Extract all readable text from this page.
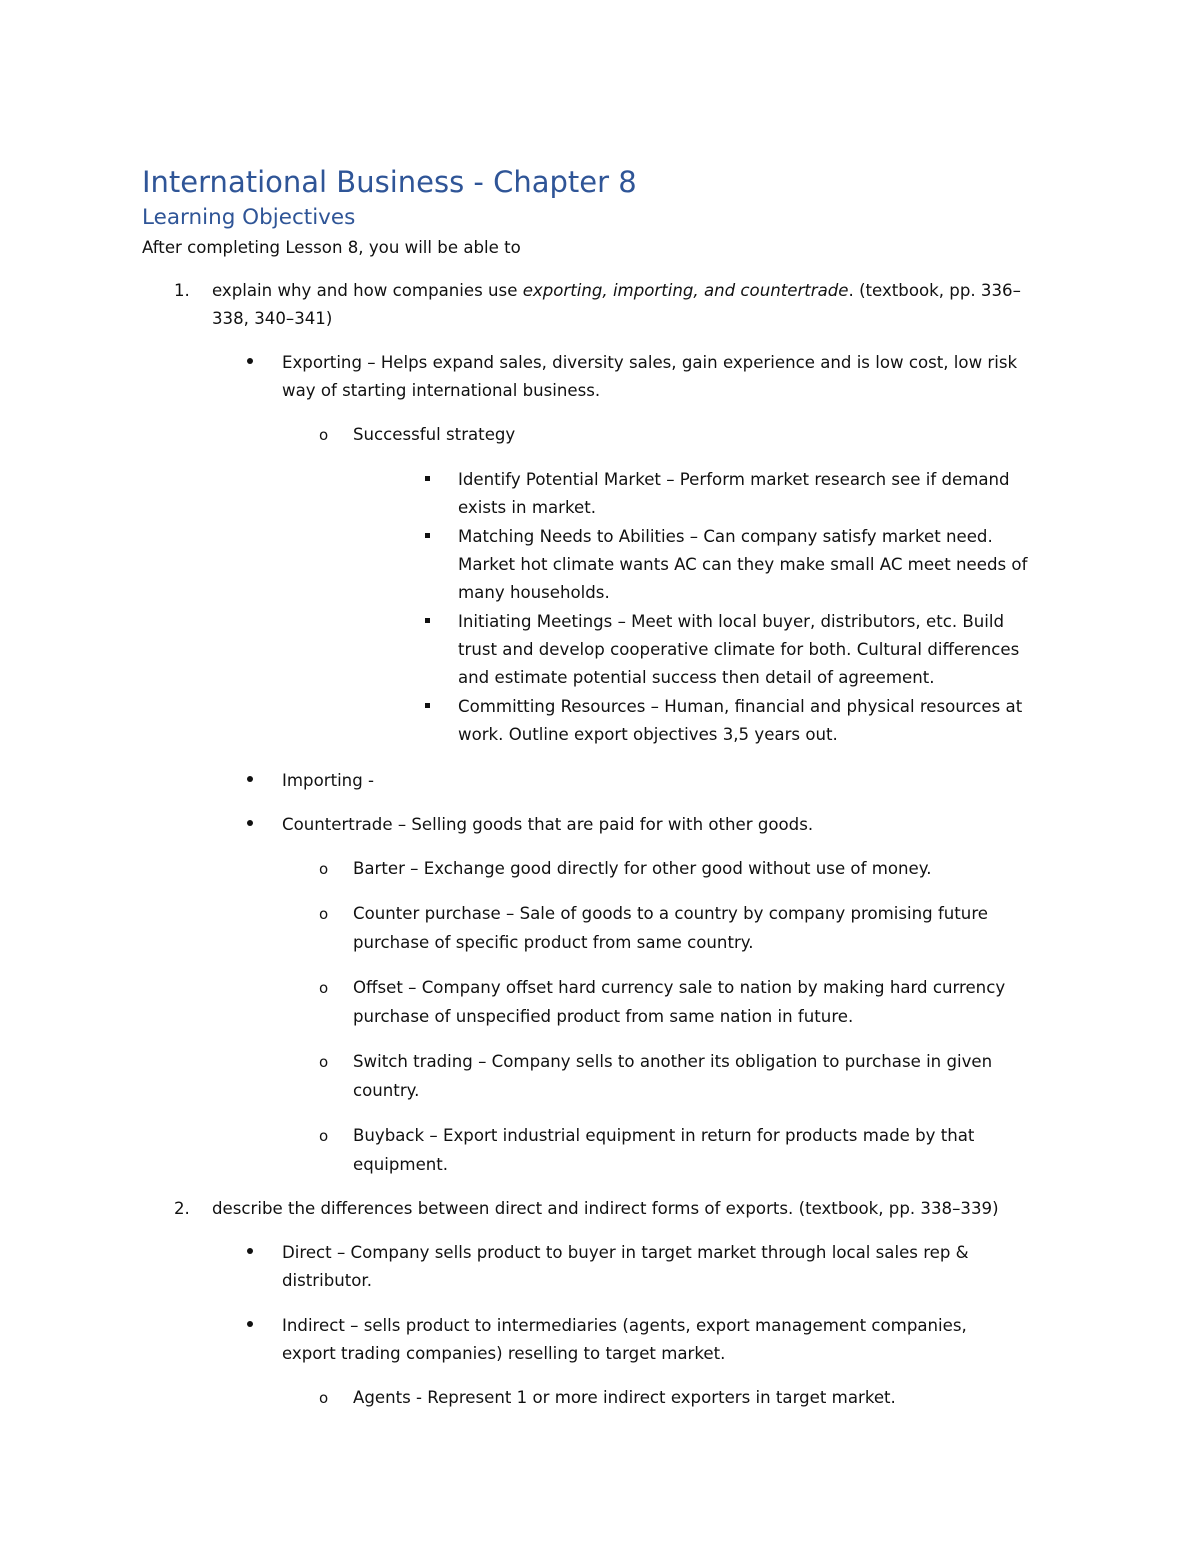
International Business - Chapter 8
Learning Objectives

After completing Lesson 8, you will be able to

1. explain why and how companies use exporting, importing, and countertrade. (textbook, pp. 336–

338, 340–341)

Exporting – Helps expand sales, diversity sales, gain experience and is low cost, low risk

way of starting international business.

o Successful strategy

Identify Potential Market – Perform market research see if demand

exists in market.

Matching Needs to Abilities – Can company satisfy market need.

Market hot climate wants AC can they make small AC meet needs of

many households.

Initiating Meetings – Meet with local buyer, distributors, etc. Build

trust and develop cooperative climate for both. Cultural differences

and estimate potential success then detail of agreement.

Committing Resources – Human, financial and physical resources at

work. Outline export objectives 3,5 years out.

Importing -

Countertrade – Selling goods that are paid for with other goods.

o Barter – Exchange good directly for other good without use of money.

o Counter purchase – Sale of goods to a country by company promising future

purchase of specific product from same country.

o Offset – Company offset hard currency sale to nation by making hard currency

purchase of unspecified product from same nation in future.

o Switch trading – Company sells to another its obligation to purchase in given

country.

o Buyback – Export industrial equipment in return for products made by that

equipment.

2. describe the differences between direct and indirect forms of exports. (textbook, pp. 338–339)

Direct – Company sells product to buyer in target market through local sales rep &

distributor.

Indirect – sells product to intermediaries (agents, export management companies,

export trading companies) reselling to target market.

o Agents - Represent 1 or more indirect exporters in target market.
